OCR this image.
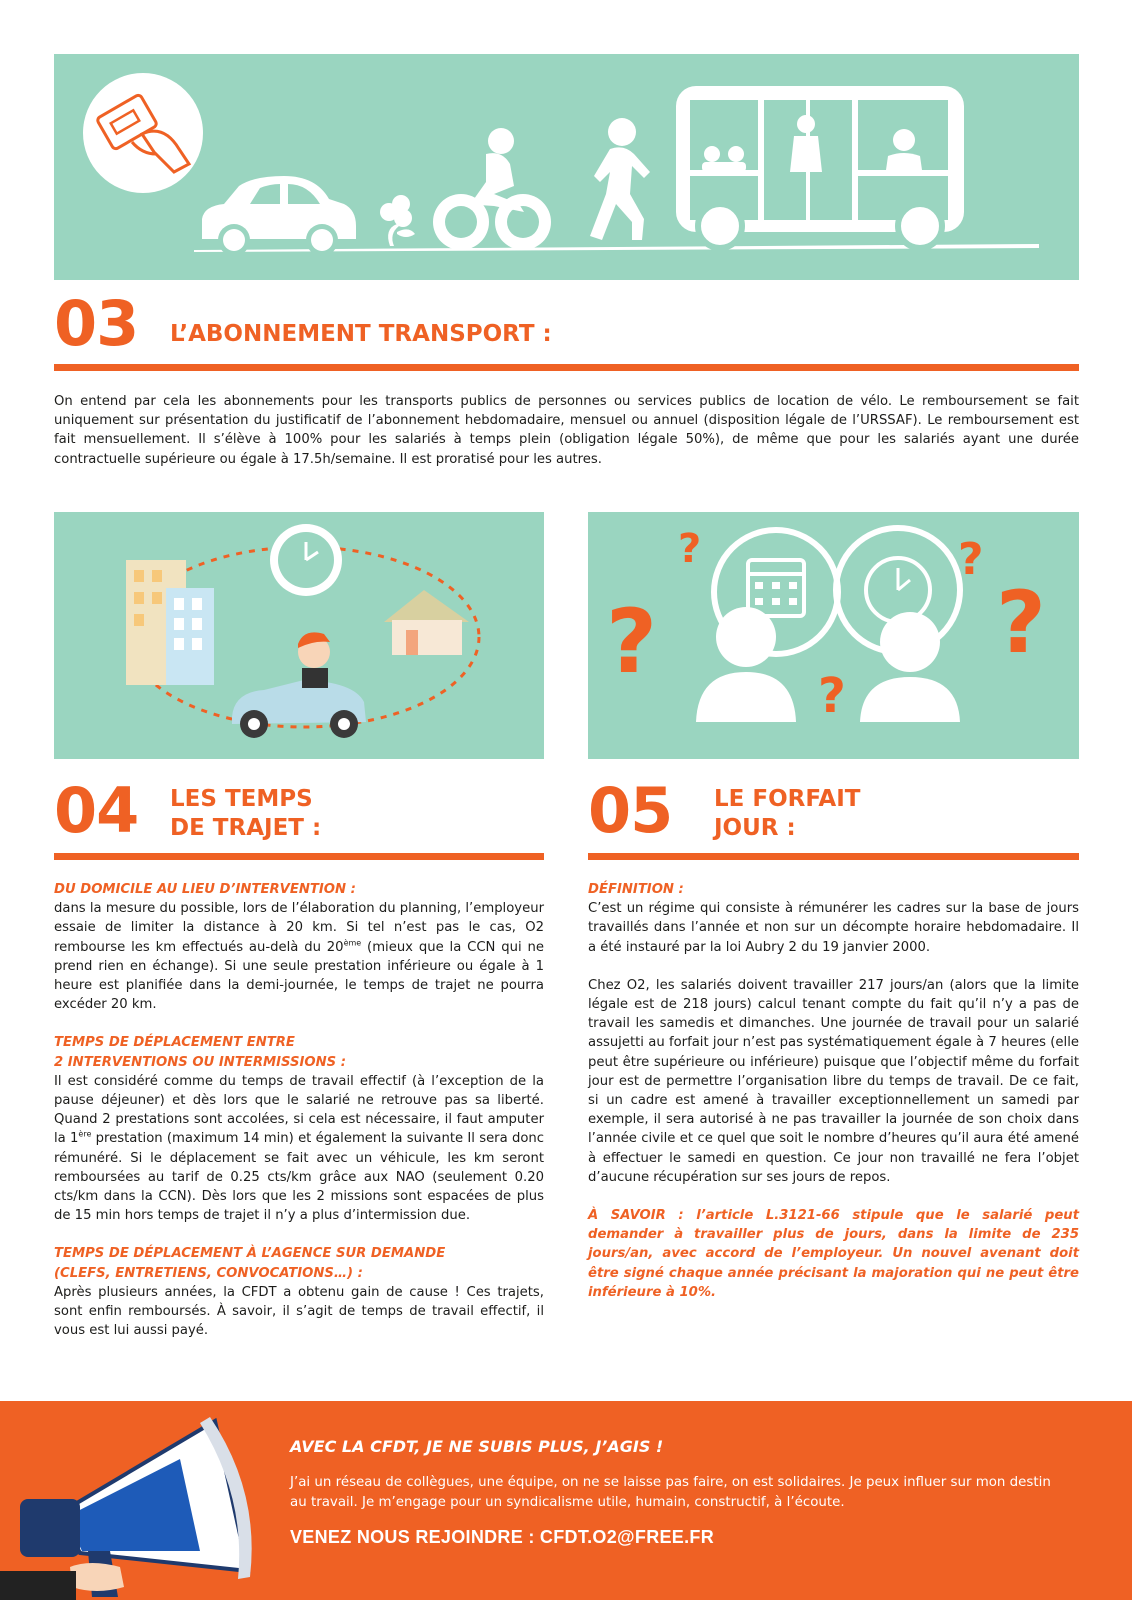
03 L’ABONNEMENT TRANSPORT :
On entend par cela les abonnements pour les transports publics de personnes ou services publics de location de vélo. Le remboursement se fait uniquement sur présentation du justificatif de l’abonnement hebdomadaire, mensuel ou annuel (disposition légale de l’URSSAF). Le remboursement est fait mensuellement. Il s’élève à 100% pour les salariés à temps plein (obligation légale 50%), de même que pour les salariés ayant une durée contractuelle supérieure ou égale à 17.5h/semaine. Il est proratisé pour les autres.
?
?
?
?
?
04 LES TEMPS
DE TRAJET :
DU DOMICILE AU LIEU D’INTERVENTION :
dans la mesure du possible, lors de l’élaboration du planning, l’employeur essaie de limiter la distance à 20 km. Si tel n’est pas le cas, O2 rembourse les km effectués au-delà du 20ème (mieux que la CCN qui ne prend rien en échange). Si une seule prestation inférieure ou égale à 1 heure est planifiée dans la demi-journée, le temps de trajet ne pourra excéder 20 km.
TEMPS DE DÉPLACEMENT ENTRE
2 INTERVENTIONS OU INTERMISSIONS :
Il est considéré comme du temps de travail effectif (à l’exception de la pause déjeuner) et dès lors que le salarié ne retrouve pas sa liberté. Quand 2 prestations sont accolées, si cela est nécessaire, il faut amputer la 1ère prestation (maximum 14 min) et également la suivante Il sera donc rémunéré. Si le déplacement se fait avec un véhicule, les km seront remboursées au tarif de 0.25 cts/km grâce aux NAO (seulement 0.20 cts/km dans la CCN). Dès lors que les 2 missions sont espacées de plus de 15 min hors temps de trajet il n’y a plus d’intermission due.
TEMPS DE DÉPLACEMENT À L’AGENCE SUR DEMANDE
(CLEFS, ENTRETIENS, CONVOCATIONS…) :
Après plusieurs années, la CFDT a obtenu gain de cause ! Ces trajets, sont enfin remboursés. À savoir, il s’agit de temps de travail effectif, il vous est lui aussi payé.
05 LE FORFAIT
JOUR :
DÉFINITION :
C’est un régime qui consiste à rémunérer les cadres sur la base de jours travaillés dans l’année et non sur un décompte horaire hebdomadaire. Il a été instauré par la loi Aubry 2 du 19 janvier 2000.
Chez O2, les salariés doivent travailler 217 jours/an (alors que la limite légale est de 218 jours) calcul tenant compte du fait qu’il n’y a pas de travail les samedis et dimanches. Une journée de travail pour un salarié assujetti au forfait jour n’est pas systématiquement égale à 7 heures (elle peut être supérieure ou inférieure) puisque que l’objectif même du forfait jour est de permettre l’organisation libre du temps de travail. De ce fait, si un cadre est amené à travailler exceptionnellement un samedi par exemple, il sera autorisé à ne pas travailler la journée de son choix dans l’année civile et ce quel que soit le nombre d’heures qu’il aura été amené à effectuer le samedi en question. Ce jour non travaillé ne fera l’objet d’aucune récupération sur ses jours de repos.
À SAVOIR : l’article L.3121-66 stipule que le salarié peut demander à travailler plus de jours, dans la limite de 235 jours/an, avec accord de l’employeur. Un nouvel avenant doit être signé chaque année précisant la majoration qui ne peut être inférieure à 10%.
AVEC LA CFDT, JE NE SUBIS PLUS, J’AGIS !
J’ai un réseau de collègues, une équipe, on ne se laisse pas faire, on est solidaires. Je peux influer sur mon destin au travail. Je m’engage pour un syndicalisme utile, humain, constructif, à l’écoute.
VENEZ NOUS REJOINDRE : CFDT.O2@FREE.FR
